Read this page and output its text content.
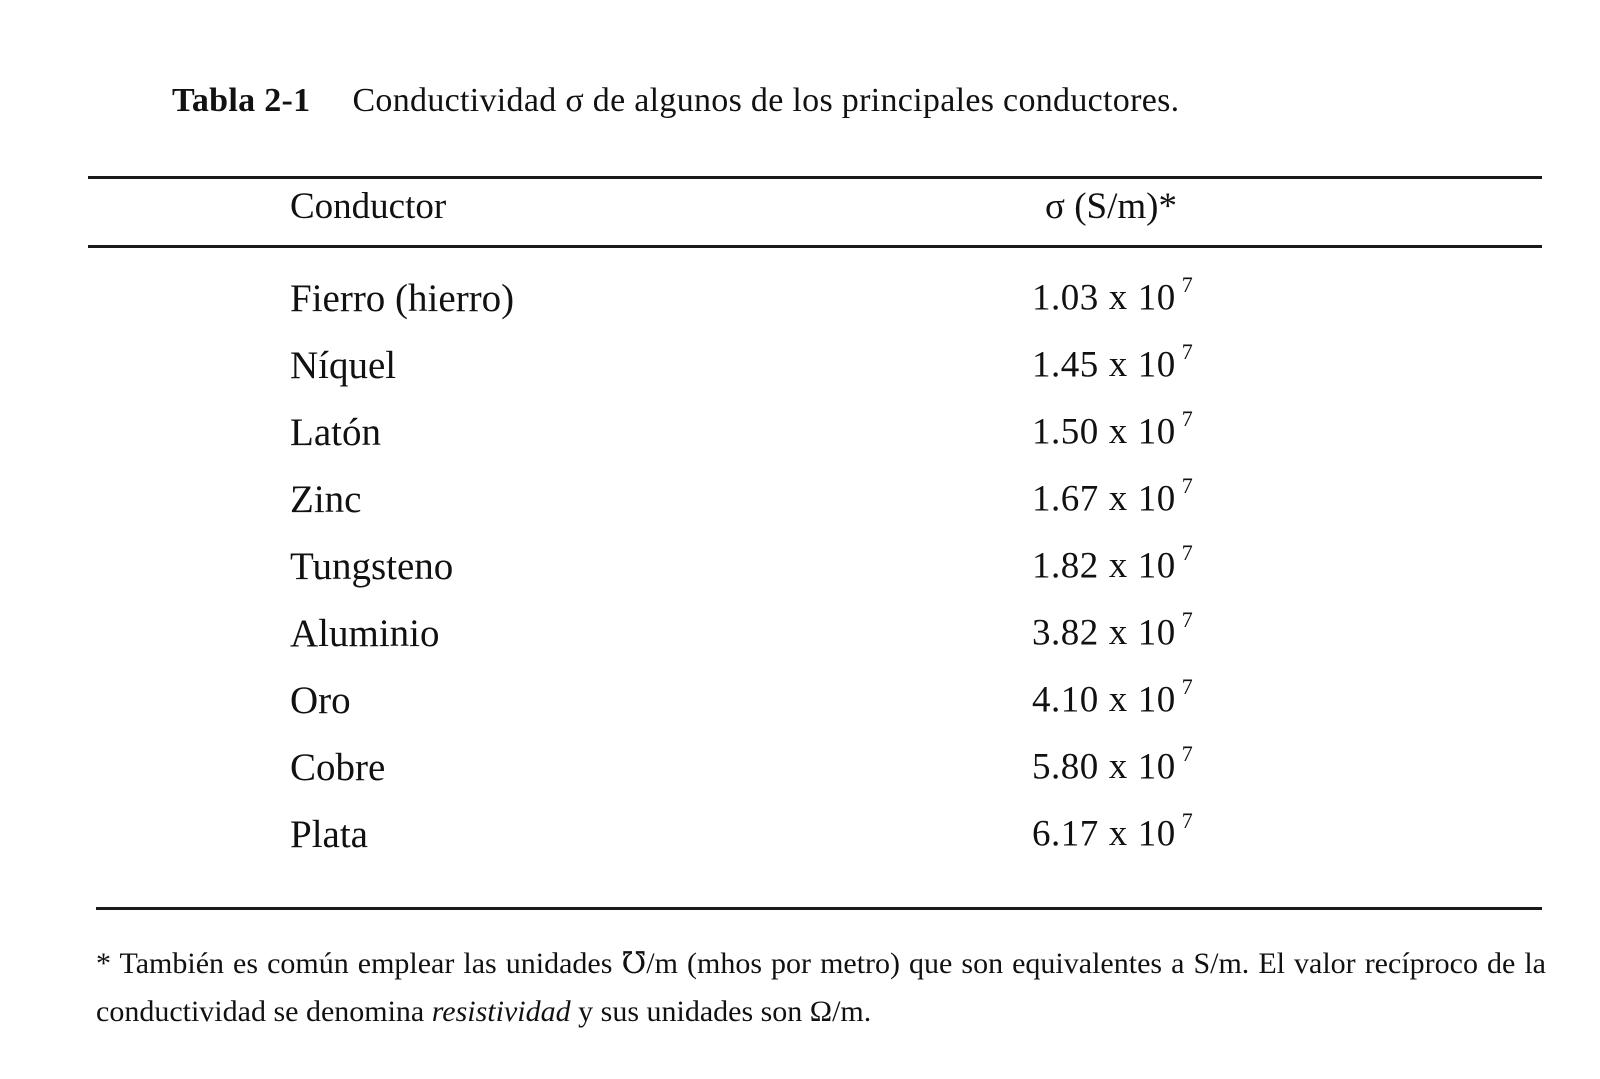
Tabla 2-1 Conductividad σ de algunos de los principales conductores.
Conductor	σ (S/m)*
Fierro (hierro)	1.03 x 10 $^7$
Níquel	1.45 x 10 $^7$
Latón	1.50 x 10 $^7$
Zinc	1.67 x 10 $^7$
Tungsteno	1.82 x 10 $^7$
Aluminio	3.82 x 10 $^7$
Oro	4.10 x 10 $^7$
Cobre	5.80 x 10 $^7$
Plata	6.17 x 10 $^7$
* También es común emplear las unidades ℧/m (mhos por metro) que son equivalentes a S/m. El valor recíproco de la conductividad se denomina resistividad y sus unidades son Ω/m.
